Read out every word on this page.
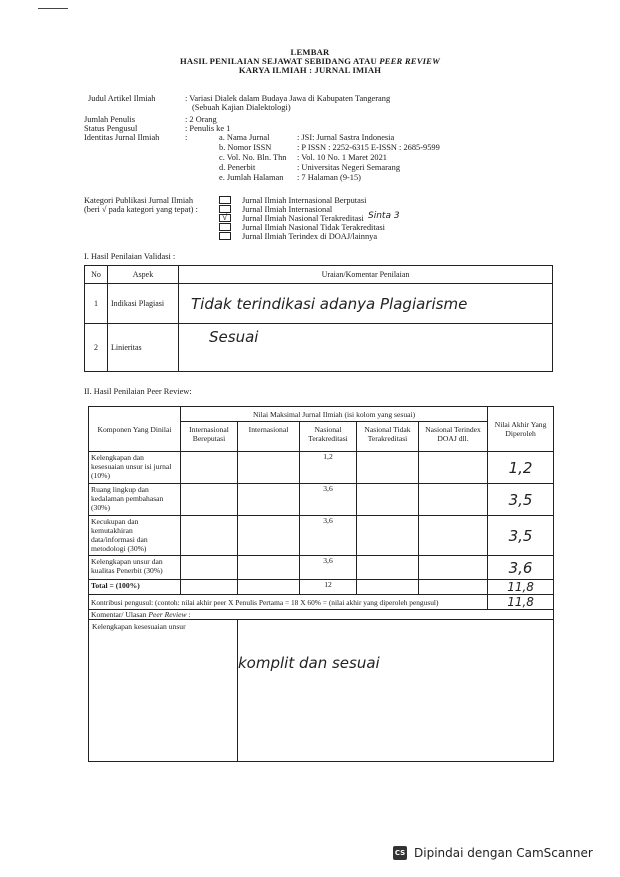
LEMBAR
HASIL PENILAIAN SEJAWAT SEBIDANG ATAU PEER REVIEW
KARYA ILMIAH : JURNAL IMIAH
Judul Artikel Ilmiah	: Variasi Dialek dalam Budaya Jawa di Kabupaten Tangerang
(Sebuah Kajian Dialektologi)
Jumlah Penulis	: 2 Orang
Status Pengusul	: Penulis ke 1
Identitas Jurnal Ilmiah	:	a. Nama Jurnal	: JSI: Jurnal Sastra Indonesia
b. Nomor ISSN	: P ISSN : 2252-6315 E-ISSN : 2685-9599
c. Vol. No. Bln. Thn : Vol. 10 No. 1 Maret 2021
d. Penerbit	: Universitas Negeri Semarang
e. Jumlah Halaman : 7 Halaman (9-15)
Kategori Publikasi Jurnal Ilmiah
(beri √ pada kategori yang tepat) :
Jurnal Ilmiah Internasional Berputasi
Jurnal Ilmiah Internasional
√ Jurnal Ilmiah Nasional Terakreditasi Sinta 3
Jurnal Ilmiah Nasional Tidak Terakreditasi
Jurnal Ilmiah Terindex di DOAJ/lainnya
I. Hasil Penilaian Validasi :
No	Aspek	Uraian/Komentar Penilaian
1	Indikasi Plagiasi	Tidak terindikasi adanya Plagiarisme
2	Linieritas	Sesuai
II. Hasil Penilaian Peer Review:
Komponen Yang Dinilai	Nilai Maksimal Jurnal Ilmiah (isi kolom yang sesuai)					Nilai Akhir Yang Diperoleh
	Internasional Bereputasi	Internasional	Nasional Terakreditasi	Nasional Tidak Terakreditasi	Nasional Terindex DOAJ dll.	
Kelengkapan dan kesesuaian unsur isi jurnal (10%)			1,2			1,2
Ruang lingkup dan kedalaman pembahasan (30%)			3,6			3,5
Kecukupan dan kemutakhiran data/informasi dan metodologi (30%)			3,6			3,5
Kelengkapan unsur dan kualitas Penerbit (30%)			3,6			3,6
Total = (100%)			12			11,8
Kontribusi pengusul: (contoh: nilai akhir peer X Penulis Pertama = 18 X 60% = (nilai akhir yang diperoleh pengusul)						11,8
Komentar/ Ulasan Peer Review :						
Kelengkapan kesesuaian unsur		komplit dan sesuai				
CS Dipindai dengan CamScanner
